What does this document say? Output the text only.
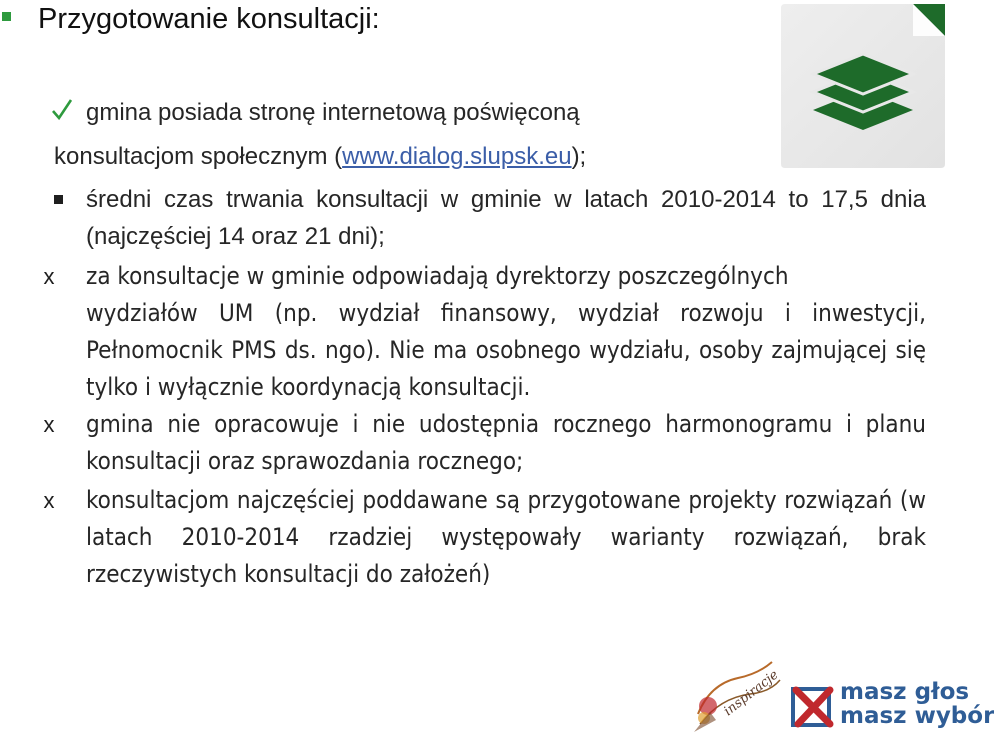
Przygotowanie konsultacji:
gmina posiada stronę internetową poświęconą
konsultacjom społecznym (www.dialog.slupsk.eu);
średni czas trwania konsultacji w gminie w latach 2010-2014 to 17,5 dnia (najczęściej 14 oraz 21 dni);
x za konsultacje w gminie odpowiadają dyrektorzy poszczególnych
wydziałów UM (np. wydział finansowy, wydział rozwoju i inwestycji, Pełnomocnik PMS ds. ngo). Nie ma osobnego wydziału, osoby zajmującej się tylko i wyłącznie koordynacją konsultacji.
x gmina nie opracowuje i nie udostępnia rocznego harmonogramu i planu konsultacji oraz sprawozdania rocznego;
x konsultacjom najczęściej poddawane są przygotowane projekty rozwiązań (w latach 2010-2014 rzadziej występowały warianty rozwiązań, brak rzeczywistych konsultacji do założeń)
inspiracje	masz głos
masz wybór
